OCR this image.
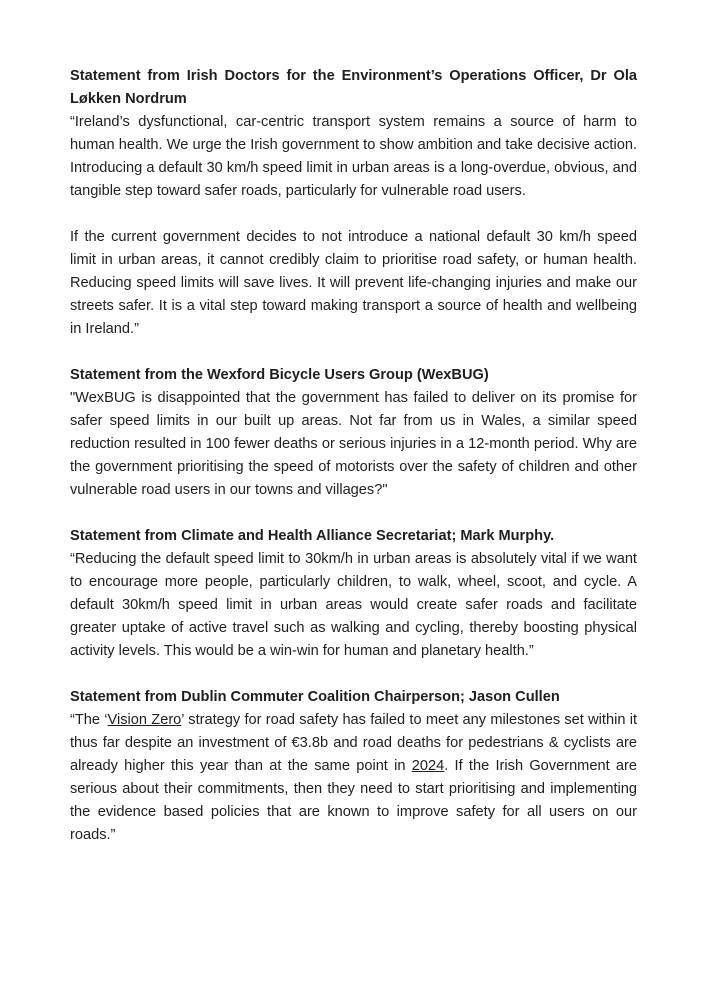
Statement from Irish Doctors for the Environment’s Operations Officer, Dr Ola Løkken Nordrum

“Ireland’s dysfunctional, car-centric transport system remains a source of harm to human health. We urge the Irish government to show ambition and take decisive action. Introducing a default 30 km/h speed limit in urban areas is a long-overdue, obvious, and tangible step toward safer roads, particularly for vulnerable road users.

If the current government decides to not introduce a national default 30 km/h speed limit in urban areas, it cannot credibly claim to prioritise road safety, or human health. Reducing speed limits will save lives. It will prevent life-changing injuries and make our streets safer. It is a vital step toward making transport a source of health and wellbeing in Ireland.”

Statement from the Wexford Bicycle Users Group (WexBUG)

"WexBUG is disappointed that the government has failed to deliver on its promise for safer speed limits in our built up areas. Not far from us in Wales, a similar speed reduction resulted in 100 fewer deaths or serious injuries in a 12-month period. Why are the government prioritising the speed of motorists over the safety of children and other vulnerable road users in our towns and villages?"

Statement from Climate and Health Alliance Secretariat; Mark Murphy.

“Reducing the default speed limit to 30km/h in urban areas is absolutely vital if we want to encourage more people, particularly children, to walk, wheel, scoot, and cycle. A default 30km/h speed limit in urban areas would create safer roads and facilitate greater uptake of active travel such as walking and cycling, thereby boosting physical activity levels. This would be a win-win for human and planetary health.”

Statement from Dublin Commuter Coalition Chairperson; Jason Cullen

“The ‘Vision Zero’ strategy for road safety has failed to meet any milestones set within it thus far despite an investment of €3.8b and road deaths for pedestrians & cyclists are already higher this year than at the same point in 2024. If the Irish Government are serious about their commitments, then they need to start prioritising and implementing the evidence based policies that are known to improve safety for all users on our roads.”
